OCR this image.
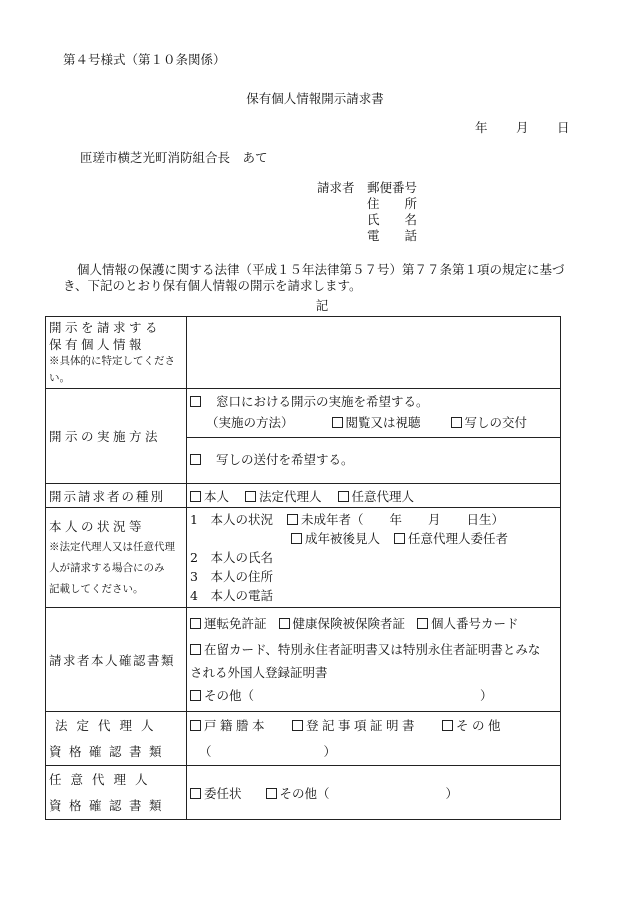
第４号様式（第１０条関係）
保有個人情報開示請求書
年 月 日
匝瑳市横芝光町消防組合長　あて
請求者 郵便番号
住　　所
氏　　名
電　　話
個人情報の保護に関する法律（平成１５年法律第５７号）第７７条第１項の規定に基づき、下記のとおり保有個人情報の開示を請求します。
記
開示を請求する
保有個人情報
※具体的に特定してください。	

開示の実施方法	窓口における開示の実施を希望する。
（実施の方法） 閲覧又は視聴 写しの交付
写しの送付を希望する。

開示請求者の種別	本人 法定代理人 任意代理人

本人の状況等
※法定代理人又は任意代理
人が請求する場合にのみ
記載してください。	1　本人の状況 未成年者（ 年 月 日生）
成年被後見人 任意代理人委任者
2　本人の氏名
3　本人の住所
4　本人の電話

請求者本人確認書類	運転免許証 健康保険被保険者証 個人番号カード
在留カード、特別永住者証明書又は特別永住者証明書とみな
される外国人登録証明書
その他（ ）

法定代理人
資格確認書類	戸籍謄本 登記事項証明書 その他
（ ）

任意代理人
資格確認書類	委任状 その他（ ）
